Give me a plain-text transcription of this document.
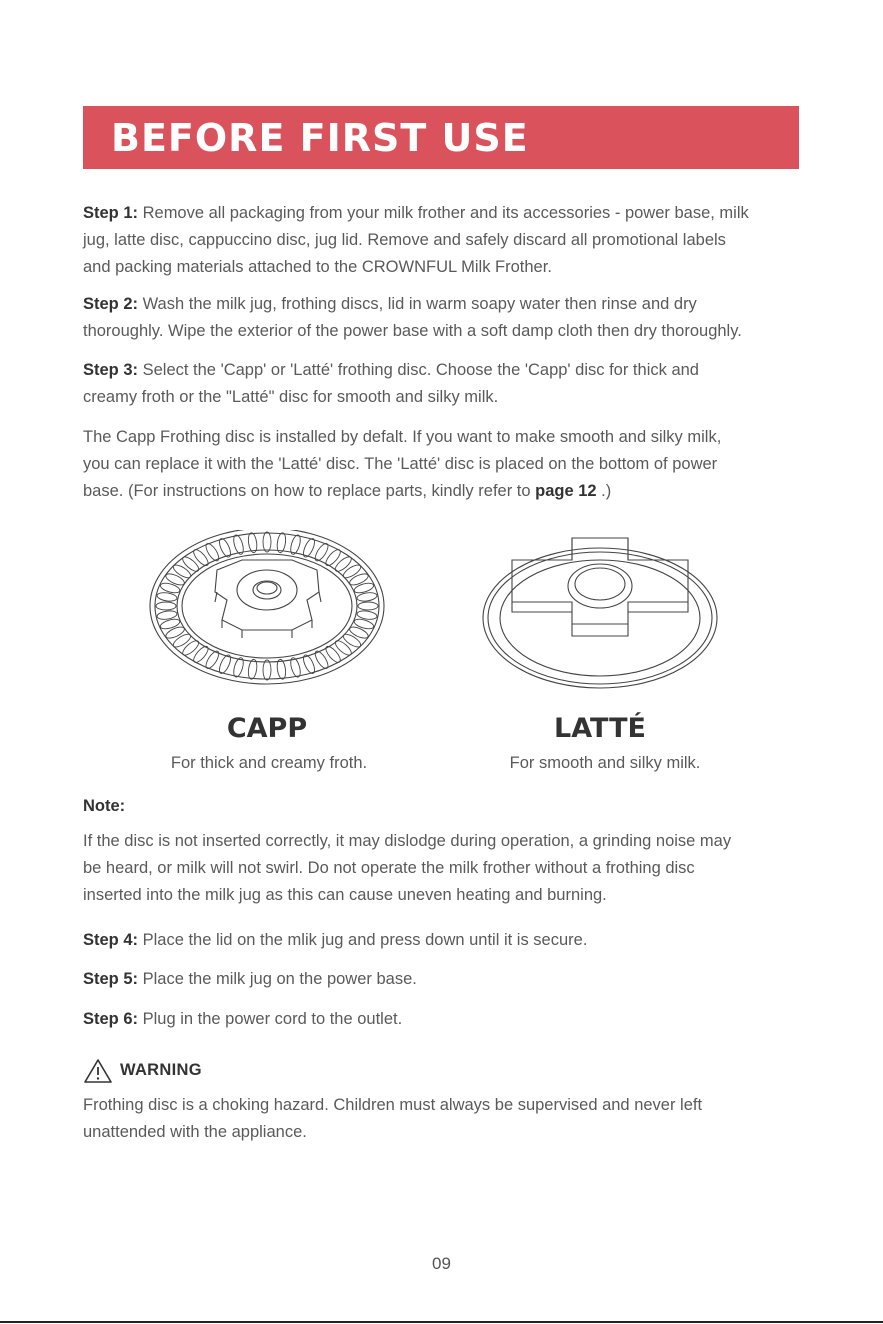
BEFORE FIRST USE

Step 1: Remove all packaging from your milk frother and its accessories - power base, milk
jug, latte disc, cappuccino disc, jug lid. Remove and safely discard all promotional labels
and packing materials attached to the CROWNFUL Milk Frother.

Step 2: Wash the milk jug, frothing discs, lid in warm soapy water then rinse and dry
thoroughly. Wipe the exterior of the power base with a soft damp cloth then dry thoroughly.

Step 3: Select the 'Capp' or 'Latté' frothing disc. Choose the 'Capp' disc for thick and
creamy froth or the "Latté" disc for smooth and silky milk.

The Capp Frothing disc is installed by defalt. If you want to make smooth and silky milk,
you can replace it with the 'Latté' disc. The 'Latté' disc is placed on the bottom of power
base. (For instructions on how to replace parts, kindly refer to page 12 .)

CAPP
For thick and creamy froth.
LATTÉ
For smooth and silky milk.
Note:

If the disc is not inserted correctly, it may dislodge during operation, a grinding noise may
be heard, or milk will not swirl. Do not operate the milk frother without a frothing disc
inserted into the milk jug as this can cause uneven heating and burning.

Step 4: Place the lid on the mlik jug and press down until it is secure.

Step 5: Place the milk jug on the power base.

Step 6: Plug in the power cord to the outlet.

WARNING

Frothing disc is a choking hazard. Children must always be supervised and never left
unattended with the appliance.

09
